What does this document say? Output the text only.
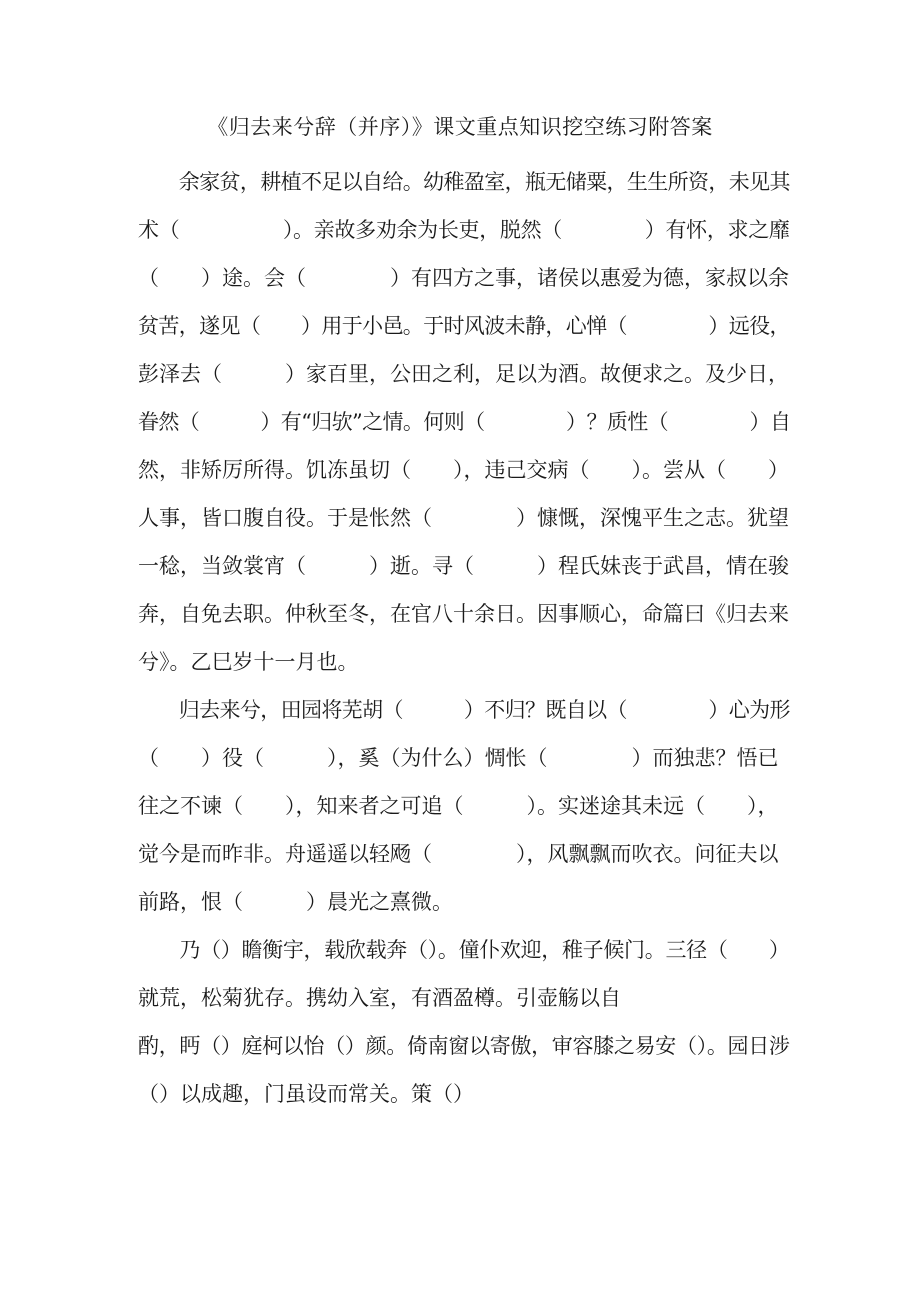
《归去来兮辞（并序）》课文重点知识挖空练习附答案
　　余家贫，耕植不足以自给。幼稚盈室，瓶无储粟，生生所资，未见其
术（　　　　　）。亲故多劝余为长吏，脱然（　　　　）有怀，求之靡
（　　）途。会（　　　　）有四方之事，诸侯以惠爱为德，家叔以余
贫苦，遂见（　　）用于小邑。于时风波未静，心惮（　　　　）远役，
彭泽去（　　　）家百里，公田之利，足以为酒。故便求之。及少日，
眷然（　　　）有“归欤”之情。何则（　　　　）？质性（　　　　）自
然，非矫厉所得。饥冻虽切（　　），违己交病（　　）。尝从（　　）
人事，皆口腹自役。于是怅然（　　　　）慷慨，深愧平生之志。犹望
一稔，当敛裳宵（　　　）逝。寻（　　　）程氏妹丧于武昌，情在骏
奔，自免去职。仲秋至冬，在官八十余日。因事顺心，命篇曰《归去来
兮》。乙巳岁十一月也。
　　归去来兮，田园将芜胡（　　　）不归？既自以（　　　　）心为形
（　　）役（　　　），奚（为什么）惆怅（　　　　）而独悲？悟已
往之不谏（　　），知来者之可追（　　　）。实迷途其未远（　　），
觉今是而昨非。舟遥遥以轻飏（　　　　），风飘飘而吹衣。问征夫以
前路，恨（　　　）晨光之熹微。
　　乃（）瞻衡宇，载欣载奔（）。僮仆欢迎，稚子候门。三径（　　）
就荒，松菊犹存。携幼入室，有酒盈樽。引壶觞以自
酌，眄（）庭柯以怡（）颜。倚南窗以寄傲，审容膝之易安（）。园日涉
（）以成趣，门虽设而常关。策（）
